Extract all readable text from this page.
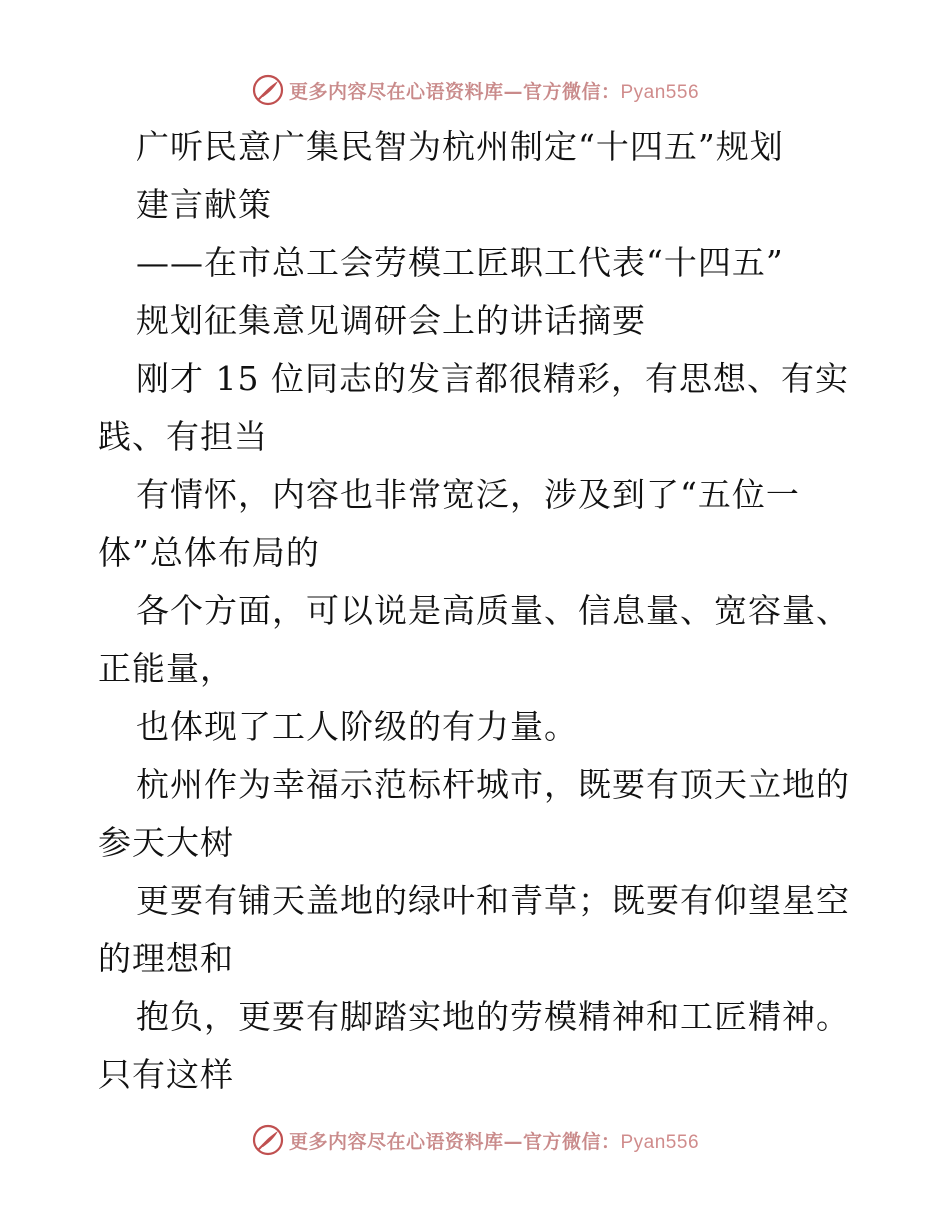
更多内容尽在心语资料库—官方微信：Pyan556
广听民意广集民智为杭州制定“十四五”规划
建言献策
——在市总工会劳模工匠职工代表“十四五”
规划征集意见调研会上的讲话摘要
刚才 15 位同志的发言都很精彩，有思想、有实
践、有担当
有情怀，内容也非常宽泛，涉及到了“五位一
体”总体布局的
各个方面，可以说是高质量、信息量、宽容量、
正能量，
也体现了工人阶级的有力量。
杭州作为幸福示范标杆城市，既要有顶天立地的
参天大树
更要有铺天盖地的绿叶和青草；既要有仰望星空
的理想和
抱负，更要有脚踏实地的劳模精神和工匠精神。
只有这样
更多内容尽在心语资料库—官方微信：Pyan556
